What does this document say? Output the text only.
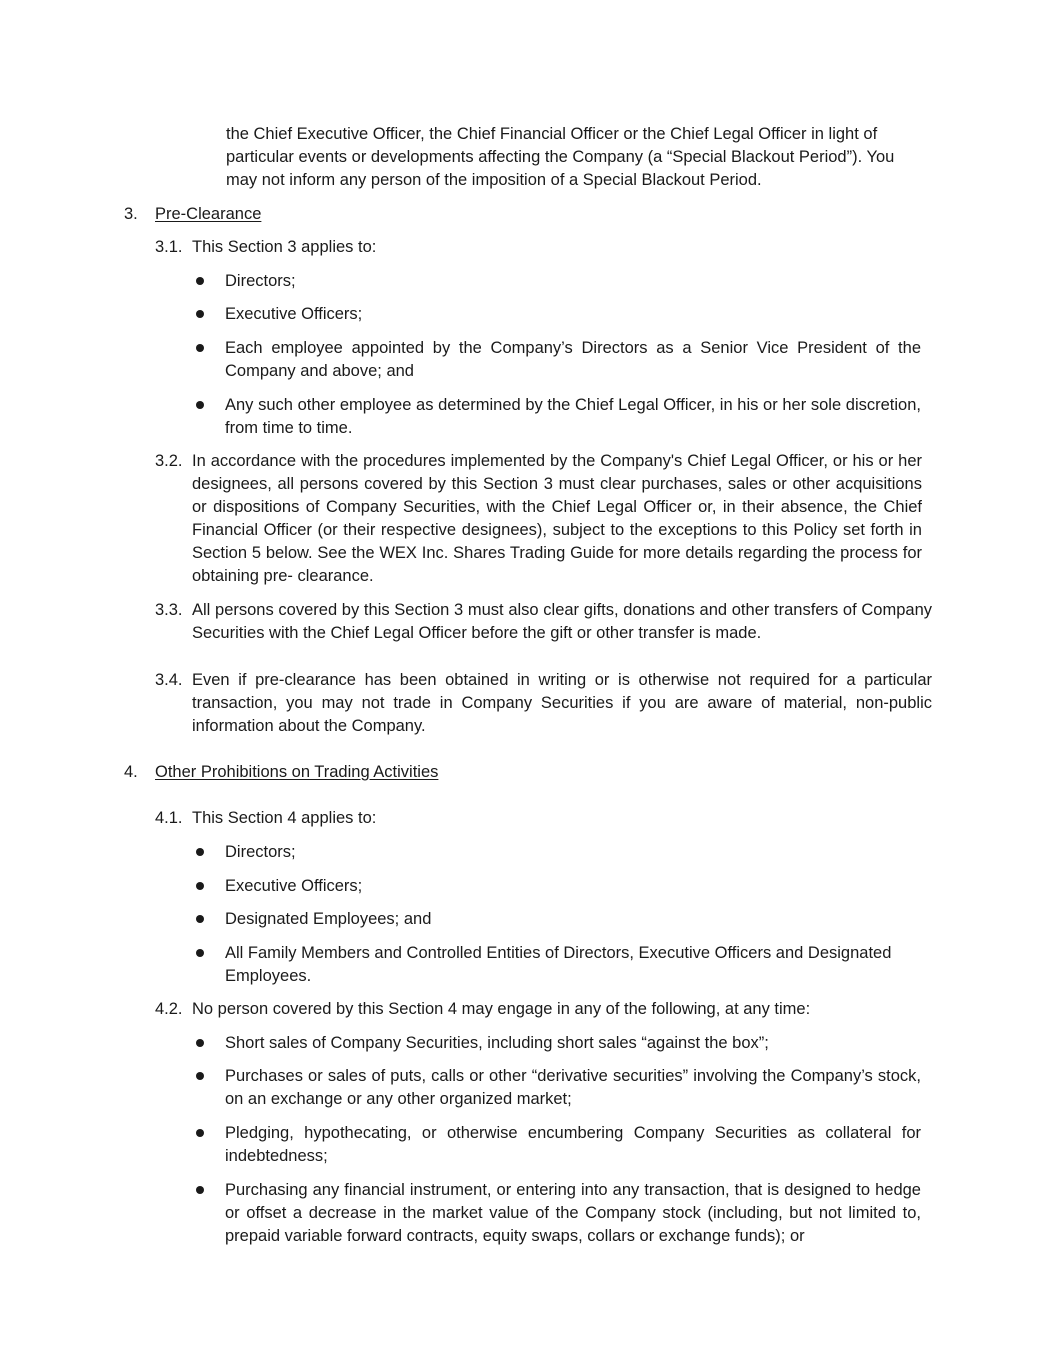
the Chief Executive Officer, the Chief Financial Officer or the Chief Legal Officer in light of
particular events or developments affecting the Company (a “Special Blackout Period”). You
may not inform any person of the imposition of a Special Blackout Period.
3. Pre-Clearance
3.1. This Section 3 applies to:
Directors;
Executive Officers;
Each employee appointed by the Company’s Directors as a Senior Vice President of the Company and above; and
Any such other employee as determined by the Chief Legal Officer, in his or her sole discretion, from time to time.
3.2. In accordance with the procedures implemented by the Company's Chief Legal Officer, or his or her designees, all persons covered by this Section 3 must clear purchases, sales or other acquisitions or dispositions of Company Securities, with the Chief Legal Officer or, in their absence, the Chief Financial Officer (or their respective designees), subject to the exceptions to this Policy set forth in Section 5 below. See the WEX Inc. Shares Trading Guide for more details regarding the process for obtaining pre- clearance.
3.3. All persons covered by this Section 3 must also clear gifts, donations and other transfers of Company Securities with the Chief Legal Officer before the gift or other transfer is made.
3.4. Even if pre-clearance has been obtained in writing or is otherwise not required for a particular transaction, you may not trade in Company Securities if you are aware of material, non-public information about the Company.
4. Other Prohibitions on Trading Activities
4.1. This Section 4 applies to:
Directors;
Executive Officers;
Designated Employees; and
All Family Members and Controlled Entities of Directors, Executive Officers and Designated Employees.
4.2. No person covered by this Section 4 may engage in any of the following, at any time:
Short sales of Company Securities, including short sales “against the box”;
Purchases or sales of puts, calls or other “derivative securities” involving the Company’s stock, on an exchange or any other organized market;
Pledging, hypothecating, or otherwise encumbering Company Securities as collateral for indebtedness;
Purchasing any financial instrument, or entering into any transaction, that is designed to hedge or offset a decrease in the market value of the Company stock (including, but not limited to, prepaid variable forward contracts, equity swaps, collars or exchange funds); or
